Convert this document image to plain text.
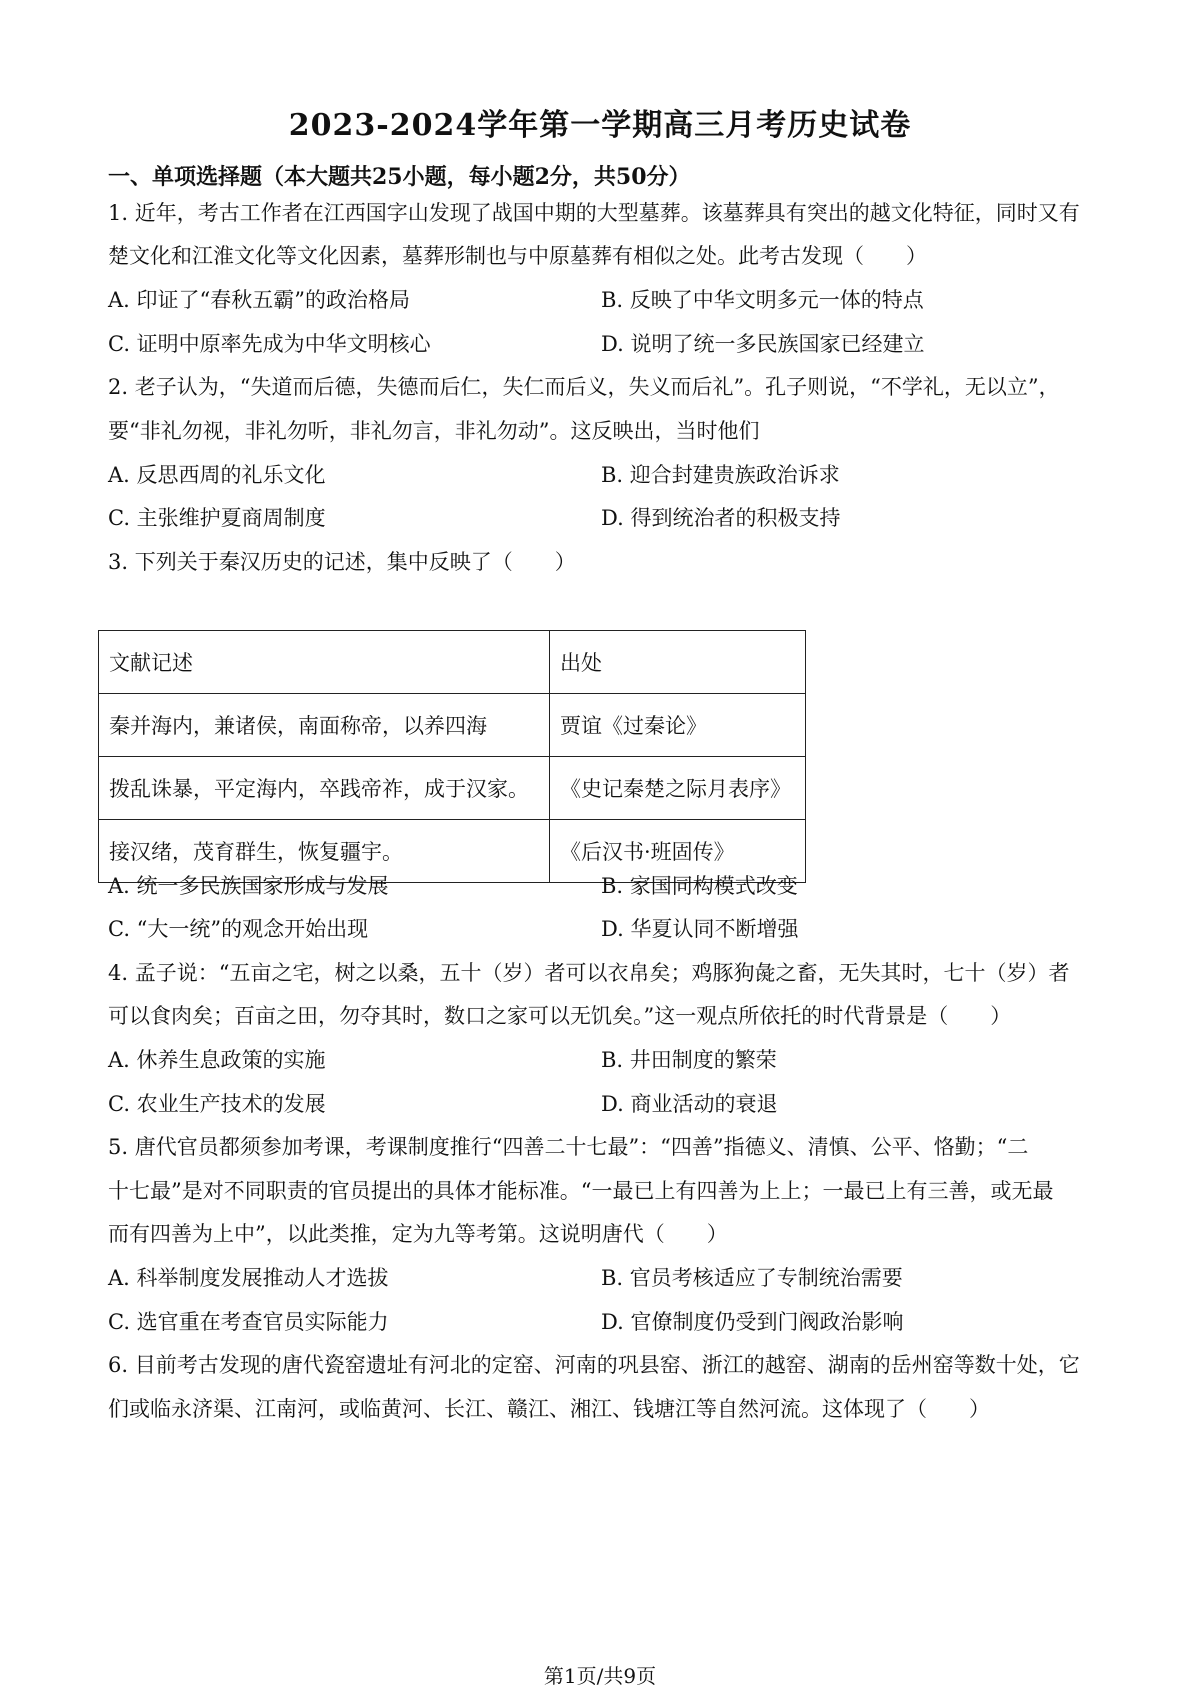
2023-2024学年第一学期高三月考历史试卷
一、单项选择题（本大题共25小题，每小题2分，共50分）
1. 近年，考古工作者在江西国字山发现了战国中期的大型墓葬。该墓葬具有突出的越文化特征，同时又有
楚文化和江淮文化等文化因素，墓葬形制也与中原墓葬有相似之处。此考古发现（　　）
A. 印证了“春秋五霸”的政治格局	B. 反映了中华文明多元一体的特点
C. 证明中原率先成为中华文明核心	D. 说明了统一多民族国家已经建立
2. 老子认为，“失道而后德，失德而后仁，失仁而后义，失义而后礼”。孔子则说，“不学礼，无以立”，
要“非礼勿视，非礼勿听，非礼勿言，非礼勿动”。这反映出，当时他们
A. 反思西周的礼乐文化	B. 迎合封建贵族政治诉求
C. 主张维护夏商周制度	D. 得到统治者的积极支持
3. 下列关于秦汉历史的记述，集中反映了（　　）
文献记述	出处
秦并海内，兼诸侯，南面称帝，以养四海	贾谊《过秦论》
拨乱诛暴，平定海内，卒践帝祚，成于汉家。	《史记秦楚之际月表序》
接汉绪，茂育群生，恢复疆宇。	《后汉书·班固传》
A. 统一多民族国家形成与发展	B. 家国同构模式改变
C. “大一统”的观念开始出现	D. 华夏认同不断增强
4. 孟子说：“五亩之宅，树之以桑，五十（岁）者可以衣帛矣；鸡豚狗彘之畜，无失其时，七十（岁）者
可以食肉矣；百亩之田，勿夺其时，数口之家可以无饥矣。”这一观点所依托的时代背景是（　　）
A. 休养生息政策的实施	B. 井田制度的繁荣
C. 农业生产技术的发展	D. 商业活动的衰退
5. 唐代官员都须参加考课，考课制度推行“四善二十七最”：“四善”指德义、清慎、公平、恪勤；“二
十七最”是对不同职责的官员提出的具体才能标准。“一最已上有四善为上上；一最已上有三善，或无最
而有四善为上中”，以此类推，定为九等考第。这说明唐代（　　）
A. 科举制度发展推动人才选拔	B. 官员考核适应了专制统治需要
C. 选官重在考查官员实际能力	D. 官僚制度仍受到门阀政治影响
6. 目前考古发现的唐代瓷窑遗址有河北的定窑、河南的巩县窑、浙江的越窑、湖南的岳州窑等数十处，它
们或临永济渠、江南河，或临黄河、长江、赣江、湘江、钱塘江等自然河流。这体现了（　　）
第1页/共9页
